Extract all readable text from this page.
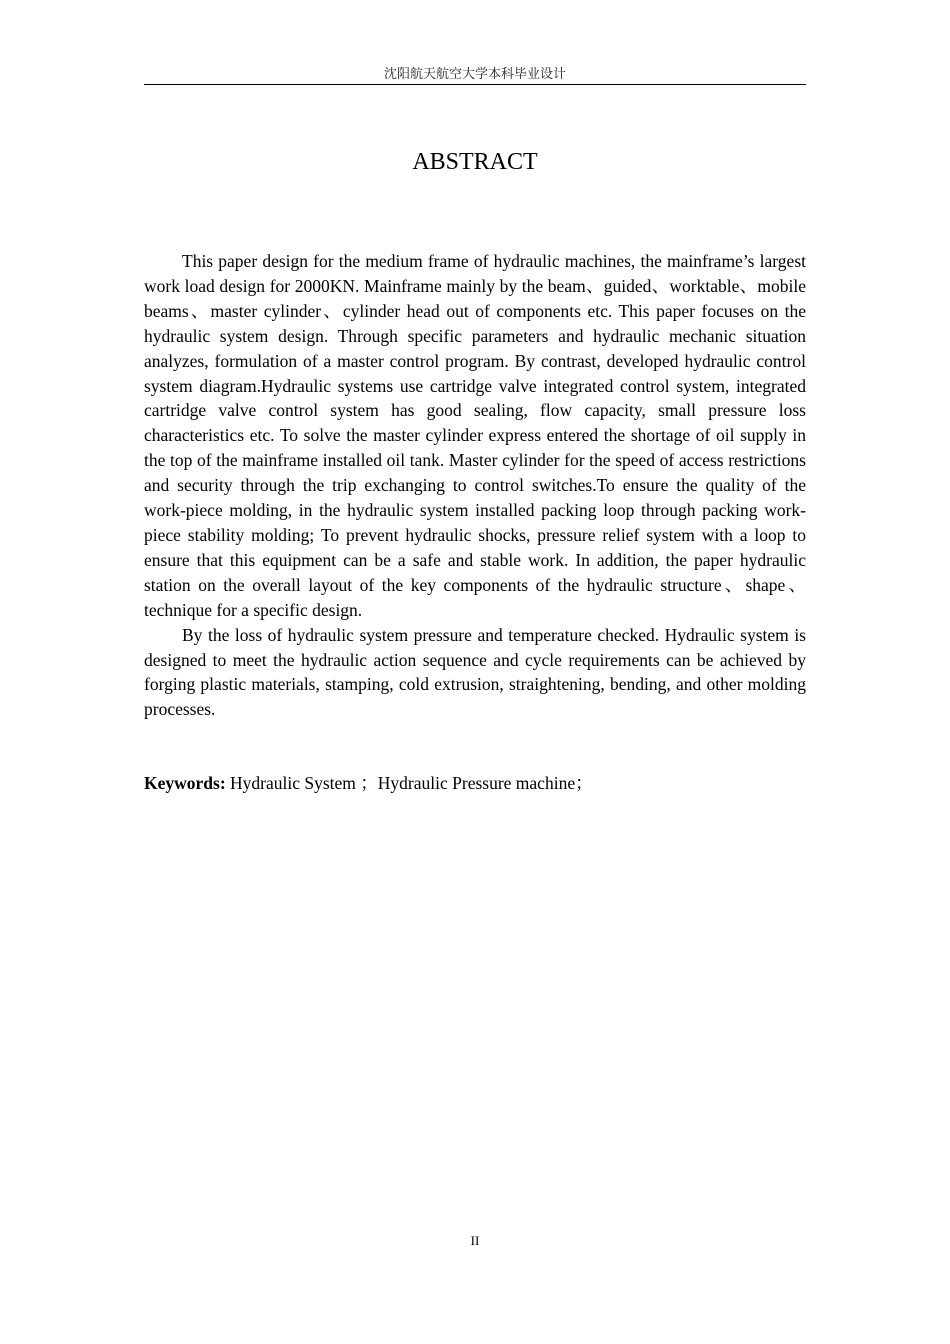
沈阳航天航空大学本科毕业设计
ABSTRACT

This paper design for the medium frame of hydraulic machines, the mainframe’s largest work load design for 2000KN. Mainframe mainly by the beam、guided、worktable、mobile beams、master cylinder、cylinder head out of components etc. This paper focuses on the hydraulic system design. Through specific parameters and hydraulic mechanic situation analyzes, formulation of a master control program. By contrast, developed hydraulic control system diagram.Hydraulic systems use cartridge valve integrated control system, integrated cartridge valve control system has good sealing, flow capacity, small pressure loss characteristics etc. To solve the master cylinder express entered the shortage of oil supply in the top of the mainframe installed oil tank. Master cylinder for the speed of access restrictions and security through the trip exchanging to control switches.To ensure the quality of the work-piece molding, in the hydraulic system installed packing loop through packing work-piece stability molding; To prevent hydraulic shocks, pressure relief system with a loop to ensure that this equipment can be a safe and stable work. In addition, the paper hydraulic station on the overall layout of the key components of the hydraulic structure、shape、technique for a specific design.

By the loss of hydraulic system pressure and temperature checked. Hydraulic system is designed to meet the hydraulic action sequence and cycle requirements can be achieved by forging plastic materials, stamping, cold extrusion, straightening, bending, and other molding processes.

Keywords: Hydraulic System ；Hydraulic Pressure machine；

II
